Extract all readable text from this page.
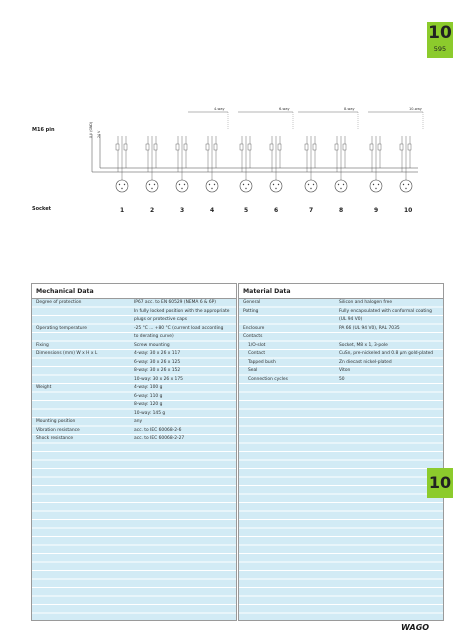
10
595
M16 pin
Socket
0 V (GND) 24 V
4-way	6-way	8-way	10-way
1	2	3	4	5	6	7	8	9	10
Mechanical Data
Degree of protection	IP67 acc. to EN 60529 (NEMA 6 & 6P)
In fully locked position with the appropriate
plugs or protective caps
Operating temperature	-25 °C ... +80 °C (current load according
to derating curve)
Fixing	Screw mounting
Dimensions (mm) W x H x L	4-way: 30 x 26 x 117
6-way: 30 x 26 x 125
8-way: 30 x 26 x 152
10-way: 30 x 26 x 175
Weight	4-way: 100 g
6-way: 110 g
8-way: 120 g
10-way: 145 g
Mounting position	any
Vibration resistance	acc. to IEC 60068-2-6
Shock resistance	acc. to IEC 60068-2-27
Material Data
General	Silicon and halogen free
Potting	Fully encapsulated with conformal coating
(UL 94 V0)
Enclosure	PA 66 (UL 94 V0), RAL 7035
Contacts
1/O-slot	Socket, M8 x 1, 3-pole
Contact	CuSn, pre-nickeled and 0.8 µm gold-plated
Tapped bush	Zn diecast nickel-plated
Seal	Viton
Connection cycles	50
10
WAGO
